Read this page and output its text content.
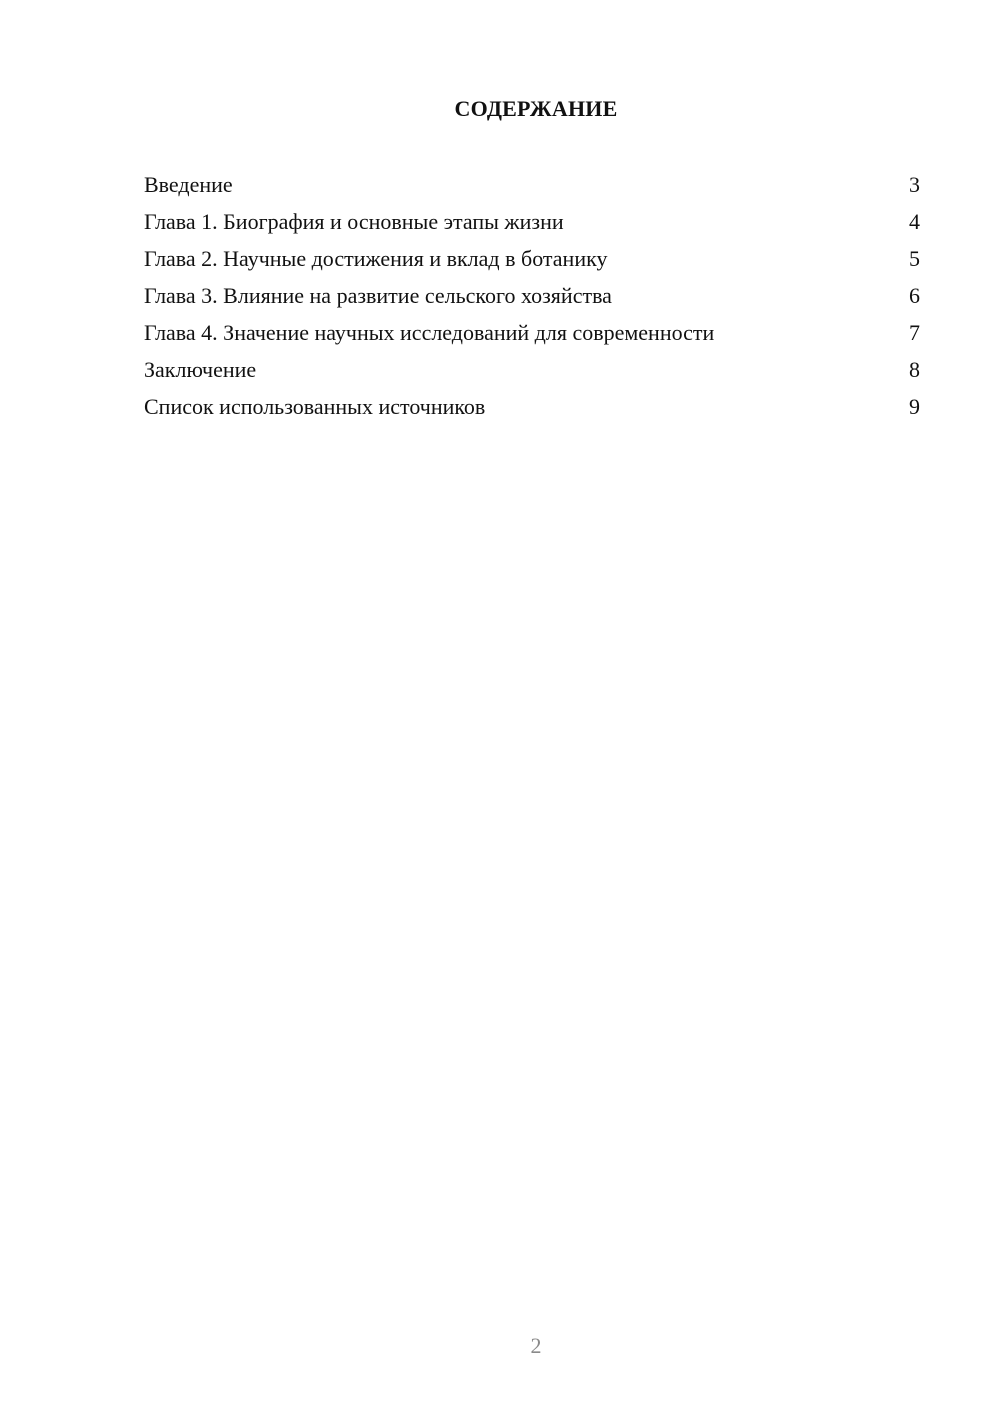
СОДЕРЖАНИЕ
Введение	3
Глава 1. Биография и основные этапы жизни	4
Глава 2. Научные достижения и вклад в ботанику	5
Глава 3. Влияние на развитие сельского хозяйства	6
Глава 4. Значение научных исследований для современности	7
Заключение	8
Список использованных источников	9
2
